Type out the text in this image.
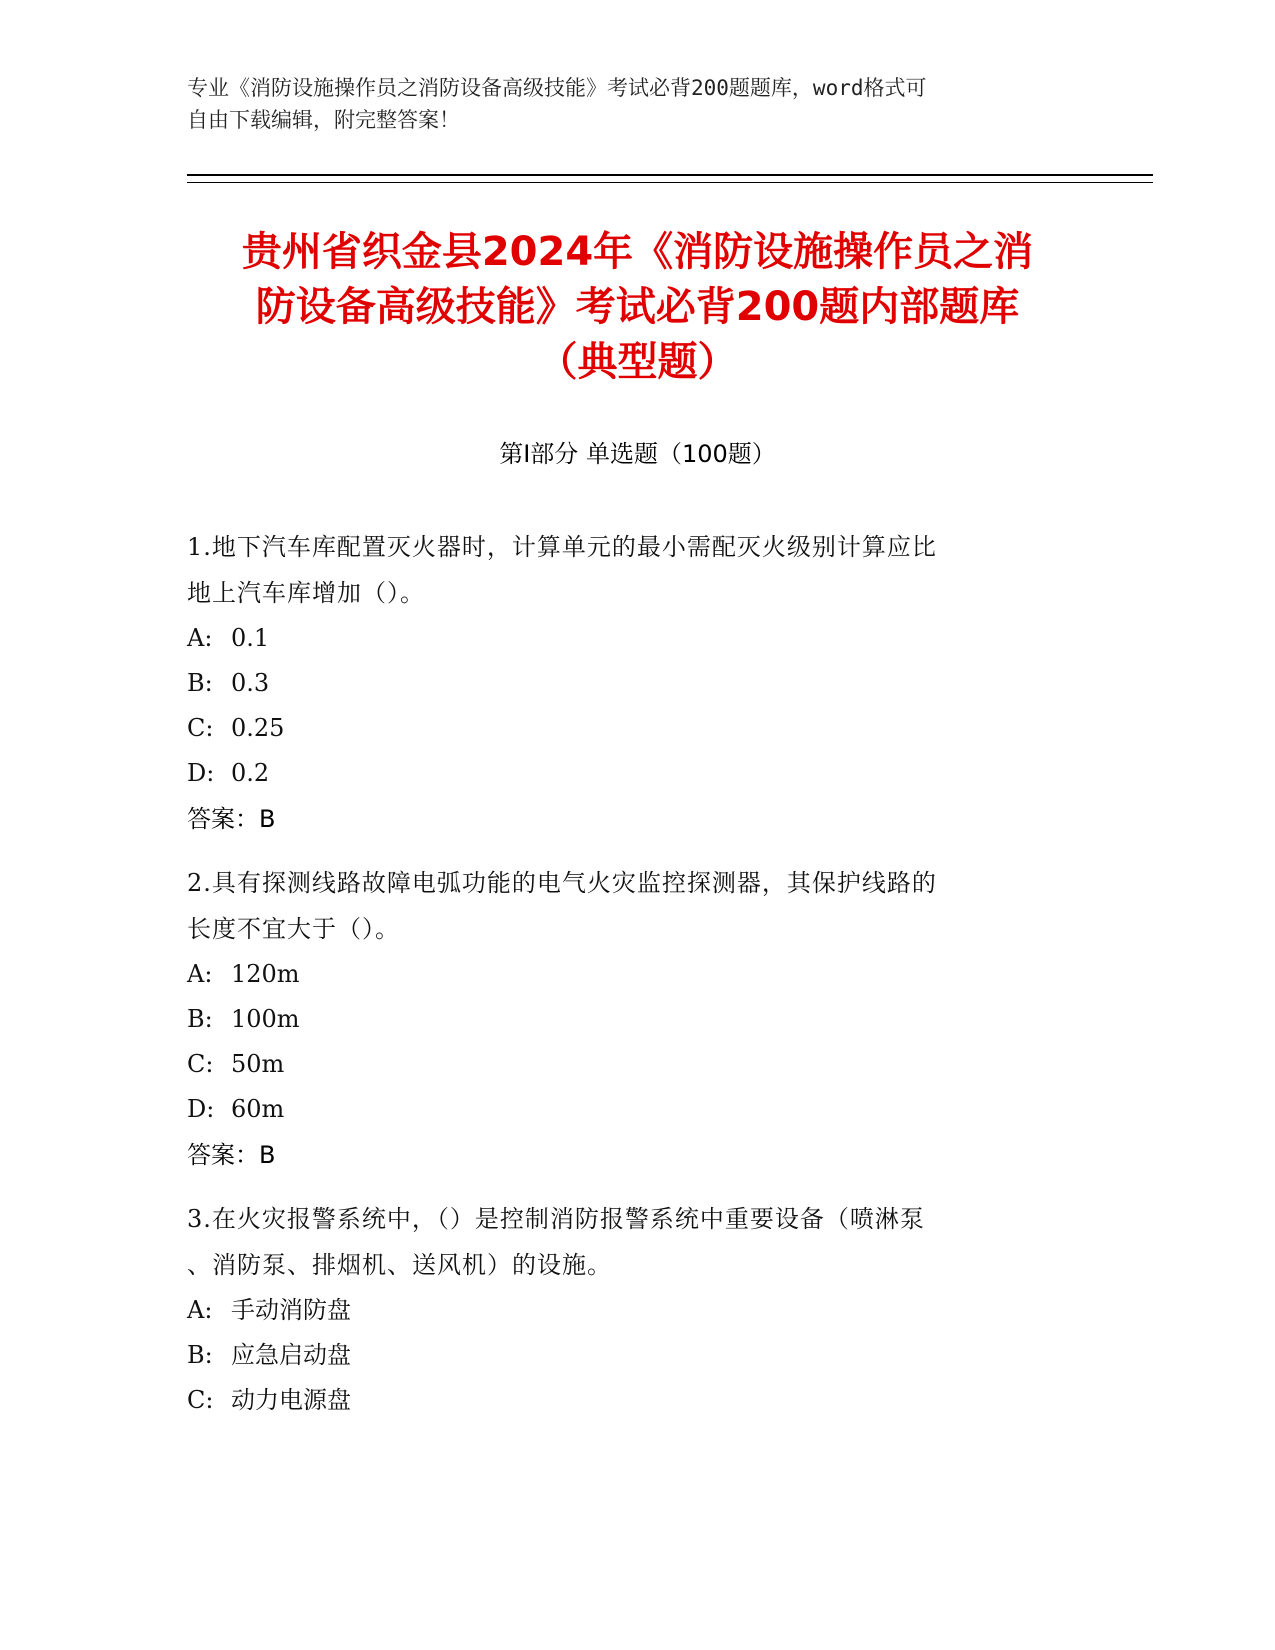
专业《消防设施操作员之消防设备高级技能》考试必背200题题库，word格式可
自由下载编辑，附完整答案！
贵州省织金县2024年《消防设施操作员之消
防设备高级技能》考试必背200题内部题库
（典型题）
第I部分 单选题（100题）
1.地下汽车库配置灭火器时，计算单元的最小需配灭火级别计算应比
地上汽车库增加（）。
A: 0.1
B: 0.3
C: 0.25
D: 0.2
答案：B
2.具有探测线路故障电弧功能的电气火灾监控探测器，其保护线路的
长度不宜大于（）。
A: 120m
B: 100m
C: 50m
D: 60m
答案：B
3.在火灾报警系统中，（）是控制消防报警系统中重要设备（喷淋泵
、消防泵、排烟机、送风机）的设施。
A: 手动消防盘
B: 应急启动盘
C: 动力电源盘
